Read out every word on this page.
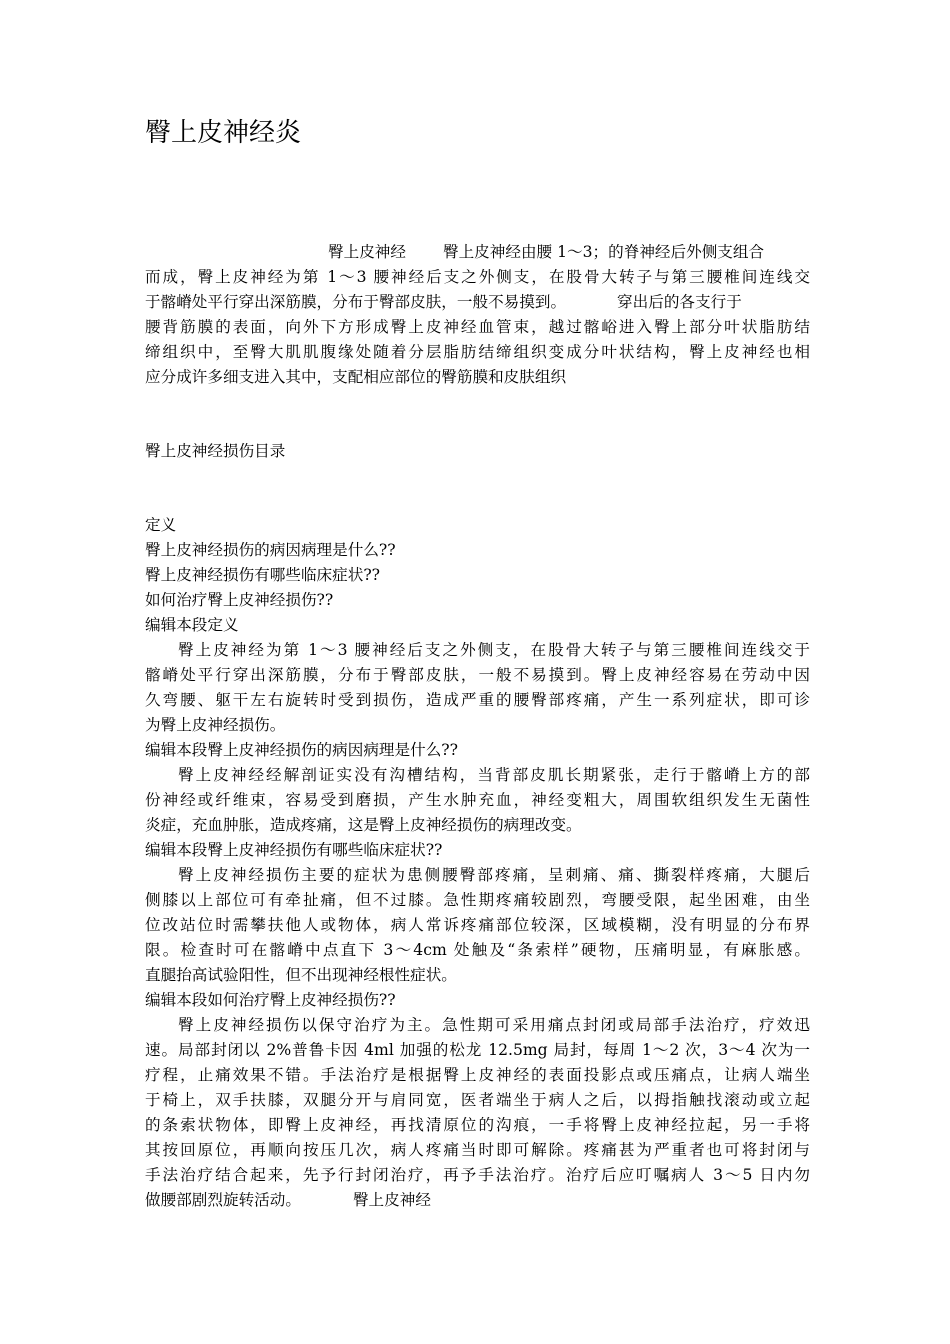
臀上皮神经炎
臀上皮神经 臀上皮神经由腰 1～3；的脊神经后外侧支组合
而成，臀上皮神经为第 1～3 腰神经后支之外侧支，在股骨大转子与第三腰椎间连线交
于髂嵴处平行穿出深筋膜，分布于臀部皮肤，一般不易摸到。	穿出后的各支行于
腰背筋膜的表面，向外下方形成臀上皮神经血管束，越过髂峪进入臀上部分叶状脂肪结
缔组织中，至臀大肌肌腹缘处随着分层脂肪结缔组织变成分叶状结构，臀上皮神经也相
应分成许多细支进入其中，支配相应部位的臀筋膜和皮肤组织
臀上皮神经损伤目录
定义
臀上皮神经损伤的病因病理是什么??
臀上皮神经损伤有哪些临床症状??
如何治疗臀上皮神经损伤??
编辑本段定义
臀上皮神经为第 1～3 腰神经后支之外侧支，在股骨大转子与第三腰椎间连线交于
髂嵴处平行穿出深筋膜，分布于臀部皮肤，一般不易摸到。臀上皮神经容易在劳动中因
久弯腰、躯干左右旋转时受到损伤，造成严重的腰臀部疼痛，产生一系列症状，即可诊
为臀上皮神经损伤。
编辑本段臀上皮神经损伤的病因病理是什么??
臀上皮神经经解剖证实没有沟槽结构，当背部皮肌长期紧张，走行于髂嵴上方的部
份神经或纤维束，容易受到磨损，产生水肿充血，神经变粗大，周围软组织发生无菌性
炎症，充血肿胀，造成疼痛，这是臀上皮神经损伤的病理改变。
编辑本段臀上皮神经损伤有哪些临床症状??
臀上皮神经损伤主要的症状为患侧腰臀部疼痛，呈刺痛、痛、撕裂样疼痛，大腿后
侧膝以上部位可有牵扯痛，但不过膝。急性期疼痛较剧烈，弯腰受限，起坐困难，由坐
位改站位时需攀扶他人或物体，病人常诉疼痛部位较深，区域模糊，没有明显的分布界
限。检查时可在髂嵴中点直下 3～4cm 处触及“条索样”硬物，压痛明显，有麻胀感。
直腿抬高试验阳性，但不出现神经根性症状。
编辑本段如何治疗臀上皮神经损伤??
臀上皮神经损伤以保守治疗为主。急性期可采用痛点封闭或局部手法治疗，疗效迅
速。局部封闭以 2%普鲁卡因 4ml 加强的松龙 12.5mg 局封，每周 1～2 次，3～4 次为一
疗程，止痛效果不错。手法治疗是根据臀上皮神经的表面投影点或压痛点，让病人端坐
于椅上，双手扶膝，双腿分开与肩同宽，医者端坐于病人之后，以拇指触找滚动或立起
的条索状物体，即臀上皮神经，再找清原位的沟痕，一手将臀上皮神经拉起，另一手将
其按回原位，再顺向按压几次，病人疼痛当时即可解除。疼痛甚为严重者也可将封闭与
手法治疗结合起来，先予行封闭治疗，再予手法治疗。治疗后应叮嘱病人 3～5 日内勿
做腰部剧烈旋转活动。	臀上皮神经
